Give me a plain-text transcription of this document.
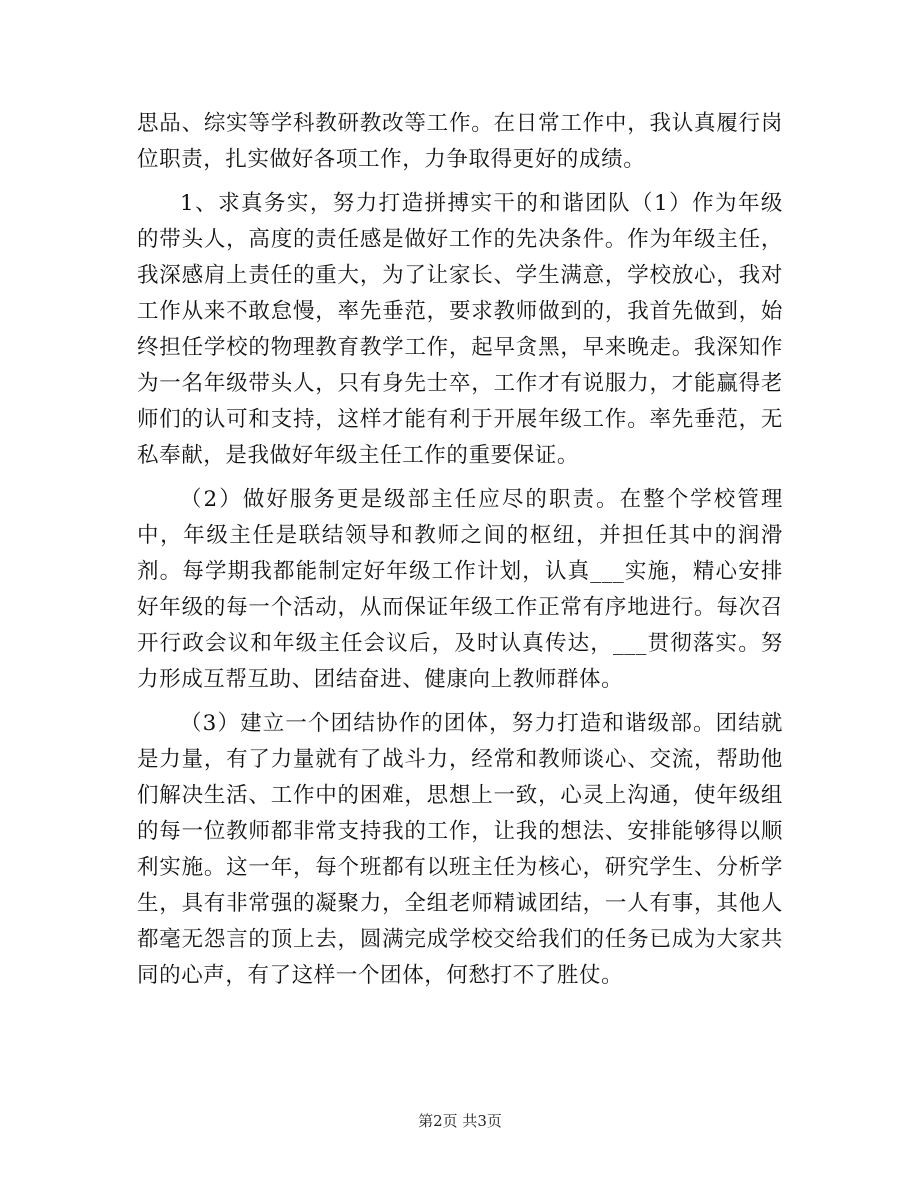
思品、综实等学科教研教改等工作。在日常工作中，我认真履行岗位职责，扎实做好各项工作，力争取得更好的成绩。

1、求真务实，努力打造拼搏实干的和谐团队（1）作为年级的带头人，高度的责任感是做好工作的先决条件。作为年级主任，我深感肩上责任的重大，为了让家长、学生满意，学校放心，我对工作从来不敢怠慢，率先垂范，要求教师做到的，我首先做到，始终担任学校的物理教育教学工作，起早贪黑，早来晚走。我深知作为一名年级带头人，只有身先士卒，工作才有说服力，才能赢得老师们的认可和支持，这样才能有利于开展年级工作。率先垂范，无私奉献，是我做好年级主任工作的重要保证。

（2）做好服务更是级部主任应尽的职责。在整个学校管理中，年级主任是联结领导和教师之间的枢纽，并担任其中的润滑剂。每学期我都能制定好年级工作计划，认真___实施，精心安排好年级的每一个活动，从而保证年级工作正常有序地进行。每次召开行政会议和年级主任会议后，及时认真传达，___贯彻落实。努力形成互帮互助、团结奋进、健康向上教师群体。

（3）建立一个团结协作的团体，努力打造和谐级部。团结就是力量，有了力量就有了战斗力，经常和教师谈心、交流，帮助他们解决生活、工作中的困难，思想上一致，心灵上沟通，使年级组的每一位教师都非常支持我的工作，让我的想法、安排能够得以顺利实施。这一年，每个班都有以班主任为核心，研究学生、分析学生，具有非常强的凝聚力，全组老师精诚团结，一人有事，其他人都毫无怨言的顶上去，圆满完成学校交给我们的任务已成为大家共同的心声，有了这样一个团体，何愁打不了胜仗。

第2页 共3页
